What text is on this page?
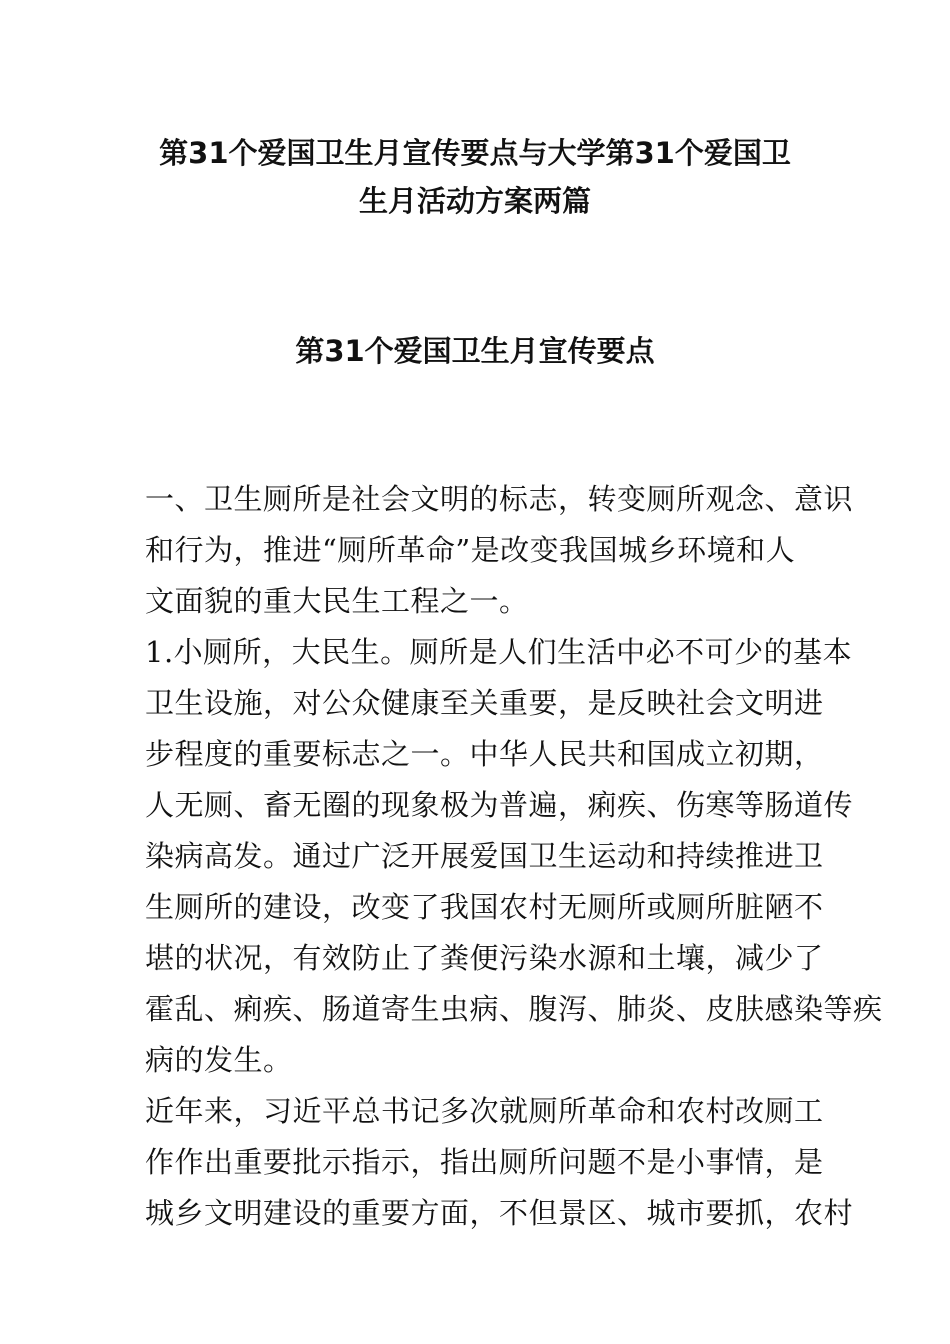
第31个爱国卫生月宣传要点与大学第31个爱国卫
生月活动方案两篇
第31个爱国卫生月宣传要点
一、卫生厕所是社会文明的标志，转变厕所观念、意识
和行为，推进“厕所革命”是改变我国城乡环境和人
文面貌的重大民生工程之一。
1.小厕所，大民生。厕所是人们生活中必不可少的基本
卫生设施，对公众健康至关重要，是反映社会文明进
步程度的重要标志之一。中华人民共和国成立初期，
人无厕、畜无圈的现象极为普遍，痢疾、伤寒等肠道传
染病高发。通过广泛开展爱国卫生运动和持续推进卫
生厕所的建设，改变了我国农村无厕所或厕所脏陋不
堪的状况，有效防止了粪便污染水源和土壤，减少了
霍乱、痢疾、肠道寄生虫病、腹泻、肺炎、皮肤感染等疾
病的发生。
近年来，习近平总书记多次就厕所革命和农村改厕工
作作出重要批示指示，指出厕所问题不是小事情，是
城乡文明建设的重要方面，不但景区、城市要抓，农村
